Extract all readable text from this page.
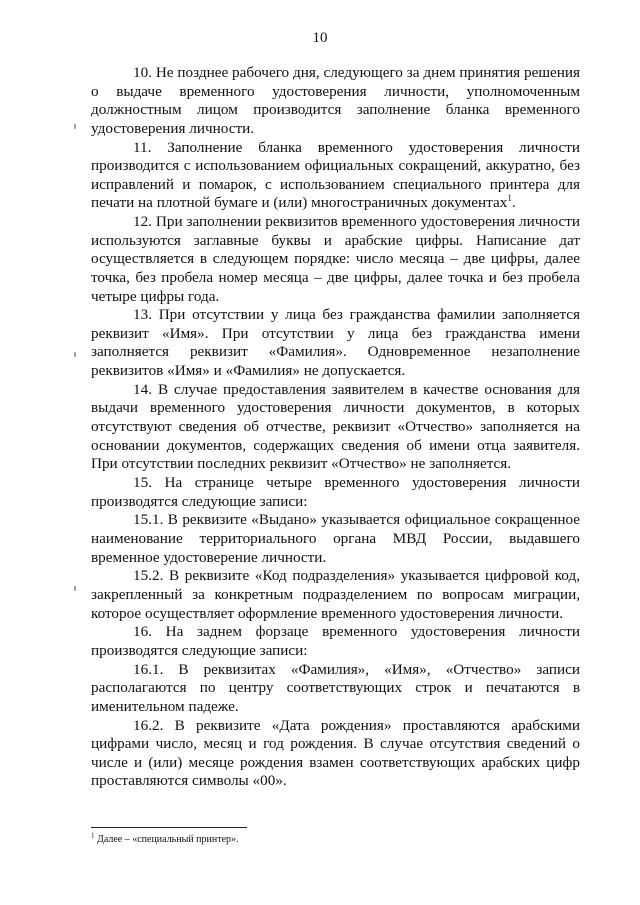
10

10. Не позднее рабочего дня, следующего за днем принятия решения о выдаче временного удостоверения личности, уполномоченным должностным лицом производится заполнение бланка временного удостоверения личности.

11. Заполнение бланка временного удостоверения личности производится с использованием официальных сокращений, аккуратно, без исправлений и помарок, с использованием специального принтера для печати на плотной бумаге и (или) многостраничных документах$^1$.

12. При заполнении реквизитов временного удостоверения личности используются заглавные буквы и арабские цифры. Написание дат осуществляется в следующем порядке: число месяца – две цифры, далее точка, без пробела номер месяца – две цифры, далее точка и без пробела четыре цифры года.

13. При отсутствии у лица без гражданства фамилии заполняется реквизит «Имя». При отсутствии у лица без гражданства имени заполняется реквизит «Фамилия». Одновременное незаполнение реквизитов «Имя» и «Фамилия» не допускается.

14. В случае предоставления заявителем в качестве основания для выдачи временного удостоверения личности документов, в которых отсутствуют сведения об отчестве, реквизит «Отчество» заполняется на основании документов, содержащих сведения об имени отца заявителя. При отсутствии последних реквизит «Отчество» не заполняется.

15. На странице четыре временного удостоверения личности производятся следующие записи:

15.1. В реквизите «Выдано» указывается официальное сокращенное наименование территориального органа МВД России, выдавшего временное удостоверение личности.

15.2. В реквизите «Код подразделения» указывается цифровой код, закрепленный за конкретным подразделением по вопросам миграции, которое осуществляет оформление временного удостоверения личности.

16. На заднем форзаце временного удостоверения личности производятся следующие записи:

16.1. В реквизитах «Фамилия», «Имя», «Отчество» записи располагаются по центру соответствующих строк и печатаются в именительном падеже.

16.2. В реквизите «Дата рождения» проставляются арабскими цифрами число, месяц и год рождения. В случае отсутствия сведений о числе и (или) месяце рождения взамен соответствующих арабских цифр проставляются символы «00».

$^1$ Далее – «специальный принтер».
